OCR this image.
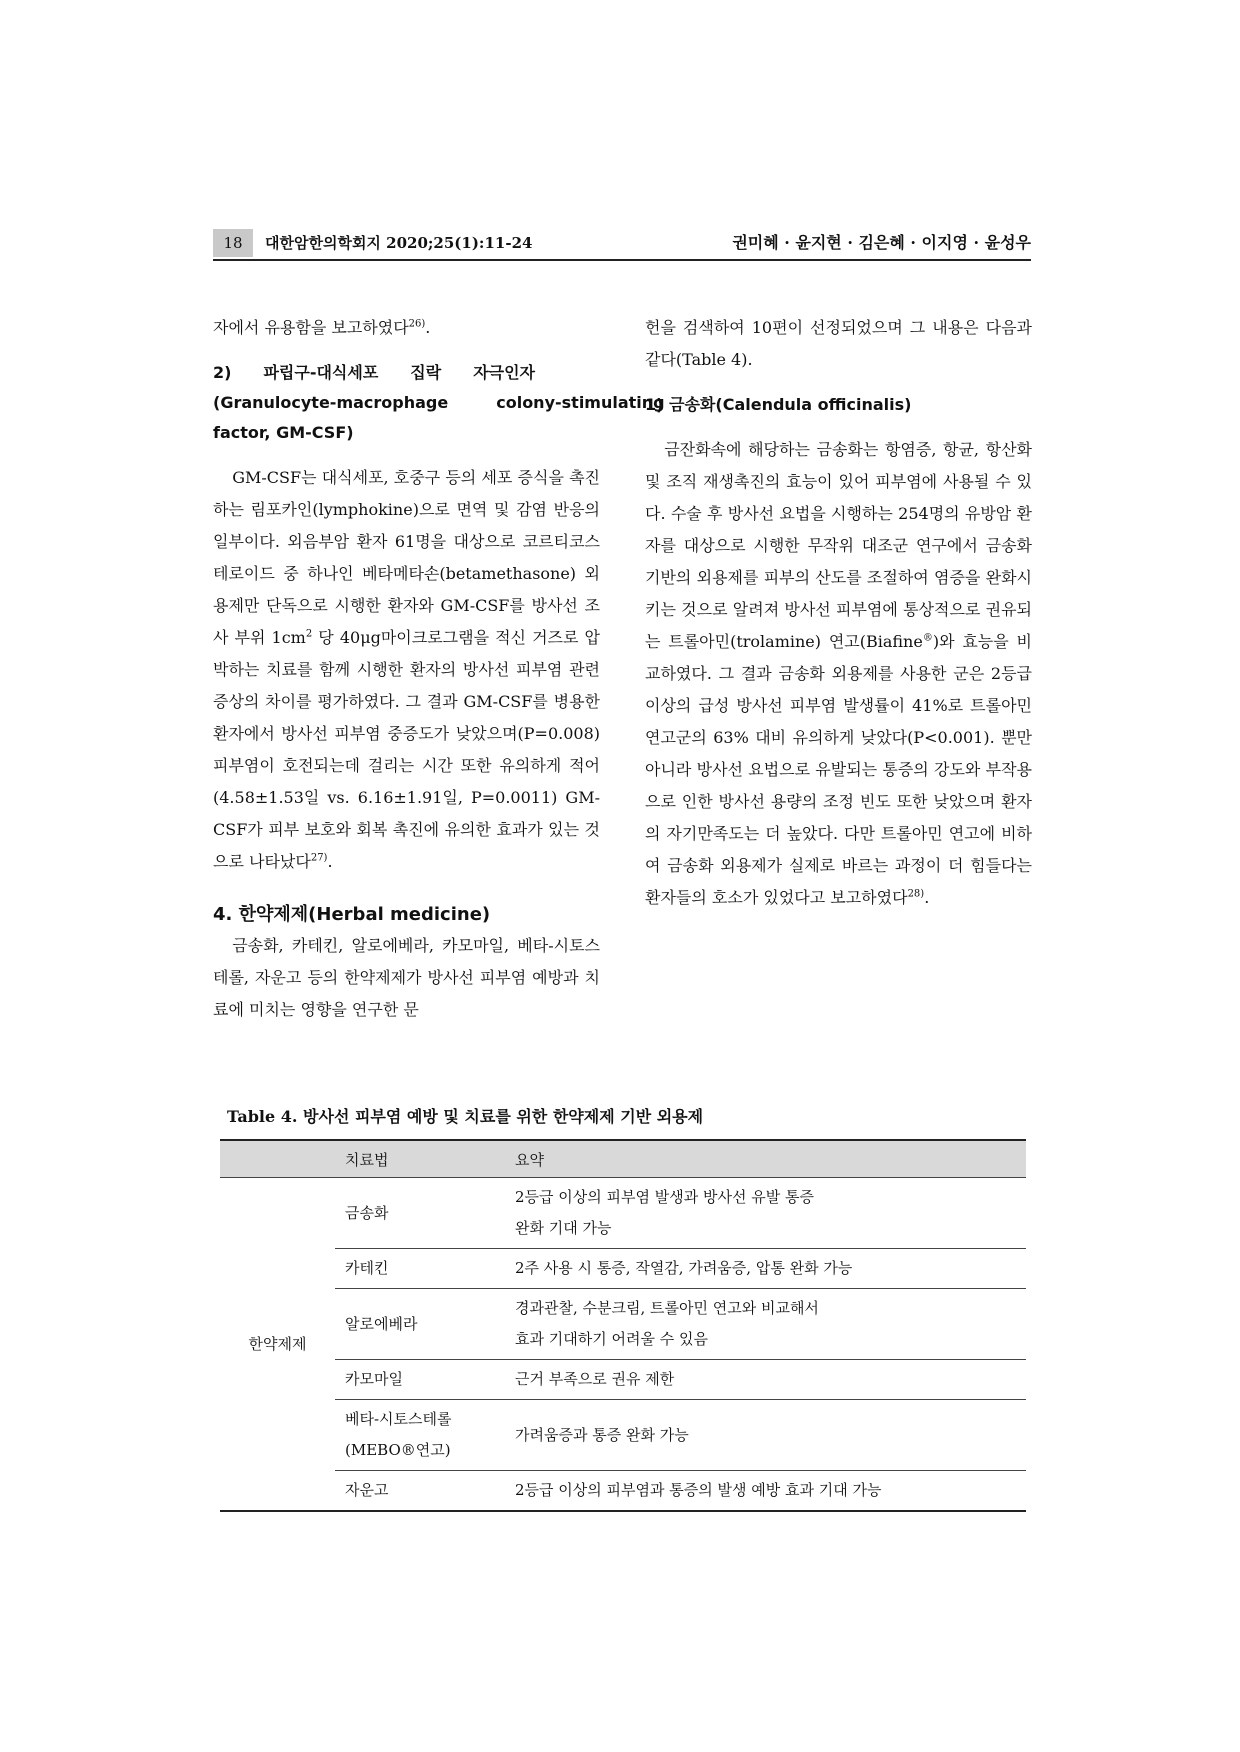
18	대한암한의학회지 2020;25(1):11-24	권미혜 · 윤지현 · 김은혜 · 이지영 · 윤성우

자에서 유용함을 보고하였다$^{26)}$.

2)　　파립구-대식세포　　집락　　자극인자
(Granulocyte-macrophage　　　colony-stimulating
factor, GM-CSF)

GM-CSF는 대식세포, 호중구 등의 세포 증식을 촉진하는 림포카인(lymphokine)으로 면역 및 감염 반응의 일부이다. 외음부암 환자 61명을 대상으로 코르티코스테로이드 중 하나인 베타메타손(betamethasone) 외용제만 단독으로 시행한 환자와 GM-CSF를 방사선 조사 부위 $1cm^2$ 당 40μg마이크로그램을 적신 거즈로 압박하는 치료를 함께 시행한 환자의 방사선 피부염 관련 증상의 차이를 평가하였다. 그 결과 GM-CSF를 병용한 환자에서 방사선 피부염 중증도가 낮았으며(P=0.008) 피부염이 호전되는데 걸리는 시간 또한 유의하게 적어(4.58±1.53일 vs. 6.16±1.91일, P=0.0011) GM-CSF가 피부 보호와 회복 촉진에 유의한 효과가 있는 것으로 나타났다$^{27)}$.

4. 한약제제(Herbal medicine)

금송화, 카테킨, 알로에베라, 카모마일, 베타-시토스테롤, 자운고 등의 한약제제가 방사선 피부염 예방과 치료에 미치는 영향을 연구한 문

헌을 검색하여 10편이 선정되었으며 그 내용은 다음과 같다(Table 4).

1) 금송화(Calendula officinalis)

금잔화속에 해당하는 금송화는 항염증, 항균, 항산화 및 조직 재생촉진의 효능이 있어 피부염에 사용될 수 있다. 수술 후 방사선 요법을 시행하는 254명의 유방암 환자를 대상으로 시행한 무작위 대조군 연구에서 금송화 기반의 외용제를 피부의 산도를 조절하여 염증을 완화시키는 것으로 알려져 방사선 피부염에 통상적으로 권유되는 트롤아민(trolamine) 연고(Biafine®)와 효능을 비교하였다. 그 결과 금송화 외용제를 사용한 군은 2등급 이상의 급성 방사선 피부염 발생률이 41%로 트롤아민 연고군의 63% 대비 유의하게 낮았다(P<0.001). 뿐만 아니라 방사선 요법으로 유발되는 통증의 강도와 부작용으로 인한 방사선 용량의 조정 빈도 또한 낮았으며 환자의 자기만족도는 더 높았다. 다만 트롤아민 연고에 비하여 금송화 외용제가 실제로 바르는 과정이 더 힘들다는 환자들의 호소가 있었다고 보고하였다$^{28)}$.

Table 4. 방사선 피부염 예방 및 치료를 위한 한약제제 기반 외용제
	치료법	요약
한약제제	금송화	2등급 이상의 피부염 발생과 방사선 유발 통증
완화 기대 가능

	카테킨	2주 사용 시 통증, 작열감, 가려움증, 압통 완화 가능

	알로에베라	경과관찰, 수분크림, 트롤아민 연고와 비교해서
효과 기대하기 어려울 수 있음

	카모마일	근거 부족으로 권유 제한

	베타-시토스테롤
(MEBO®연고)	가려움증과 통증 완화 가능

	자운고	2등급 이상의 피부염과 통증의 발생 예방 효과 기대 가능
